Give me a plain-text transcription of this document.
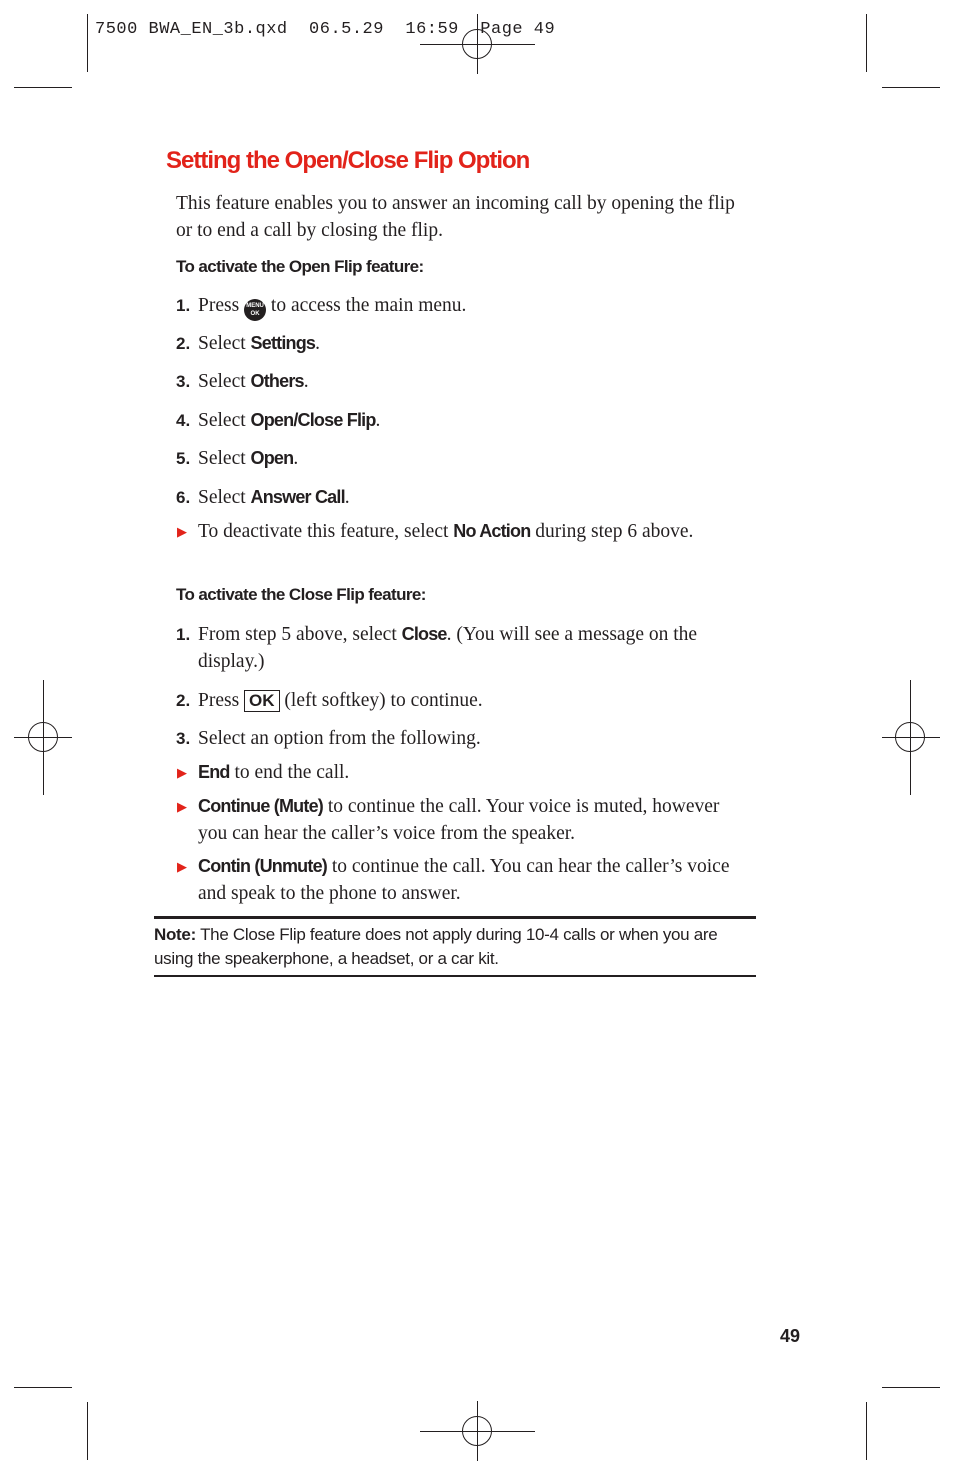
7500 BWA_EN_3b.qxd 06.5.29 16:59 Page 49
Setting the Open/Close Flip Option
This feature enables you to answer an incoming call by opening the flip or to end a call by closing the flip.
To activate the Open Flip feature:
1. Press MENU OK to access the main menu.
2. Select Settings.
3. Select Others.
4. Select Open/Close Flip.
5. Select Open.
6. Select Answer Call.
▶ To deactivate this feature, select No Action during step 6 above.
To activate the Close Flip feature:
1. From step 5 above, select Close. (You will see a message on the display.)
2. Press OK (left softkey) to continue.
3. Select an option from the following.
▶ End to end the call.
▶ Continue (Mute) to continue the call. Your voice is muted, however you can hear the caller’s voice from the speaker.
▶ Contin (Unmute) to continue the call. You can hear the caller’s voice and speak to the phone to answer.
Note: The Close Flip feature does not apply during 10-4 calls or when you are using the speakerphone, a headset, or a car kit.
49
